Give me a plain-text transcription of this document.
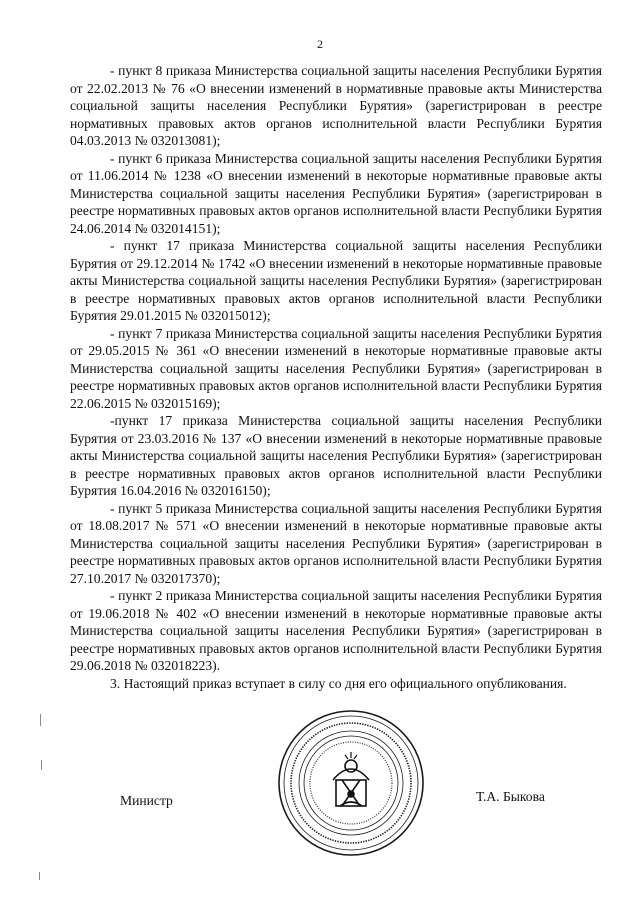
2

- пункт 8 приказа Министерства социальной защиты населения Республики Бурятия от 22.02.2013 № 76 «О внесении изменений в нормативные правовые акты Министерства социальной защиты населения Республики Бурятия» (зарегистрирован в реестре нормативных правовых актов органов исполнительной власти Республики Бурятия 04.03.2013 № 032013081);

- пункт 6 приказа Министерства социальной защиты населения Республики Бурятия от 11.06.2014 № 1238 «О внесении изменений в некоторые нормативные правовые акты Министерства социальной защиты населения Республики Бурятия» (зарегистрирован в реестре нормативных правовых актов органов исполнительной власти Республики Бурятия 24.06.2014 № 032014151);

- пункт 17 приказа Министерства социальной защиты населения Республики Бурятия от 29.12.2014 № 1742 «О внесении изменений в некоторые нормативные правовые акты Министерства социальной защиты населения Республики Бурятия» (зарегистрирован в реестре нормативных правовых актов органов исполнительной власти Республики Бурятия 29.01.2015 № 032015012);

- пункт 7 приказа Министерства социальной защиты населения Республики Бурятия от 29.05.2015 № 361 «О внесении изменений в некоторые нормативные правовые акты Министерства социальной защиты населения Республики Бурятия» (зарегистрирован в реестре нормативных правовых актов органов исполнительной власти Республики Бурятия 22.06.2015 № 032015169);

-пункт 17 приказа Министерства социальной защиты населения Республики Бурятия от 23.03.2016 № 137 «О внесении изменений в некоторые нормативные правовые акты Министерства социальной защиты населения Республики Бурятия» (зарегистрирован в реестре нормативных правовых актов органов исполнительной власти Республики Бурятия 16.04.2016 № 032016150);

- пункт 5 приказа Министерства социальной защиты населения Республики Бурятия от 18.08.2017 № 571 «О внесении изменений в некоторые нормативные правовые акты Министерства социальной защиты населения Республики Бурятия» (зарегистрирован в реестре нормативных правовых актов органов исполнительной власти Республики Бурятия 27.10.2017 № 032017370);

- пункт 2 приказа Министерства социальной защиты населения Республики Бурятия от 19.06.2018 № 402 «О внесении изменений в некоторые нормативные правовые акты Министерства социальной защиты населения Республики Бурятия» (зарегистрирован в реестре нормативных правовых актов органов исполнительной власти Республики Бурятия 29.06.2018 № 032018223).

3. Настоящий приказ вступает в силу со дня его официального опубликования.

Министр	Т.А. Быкова
